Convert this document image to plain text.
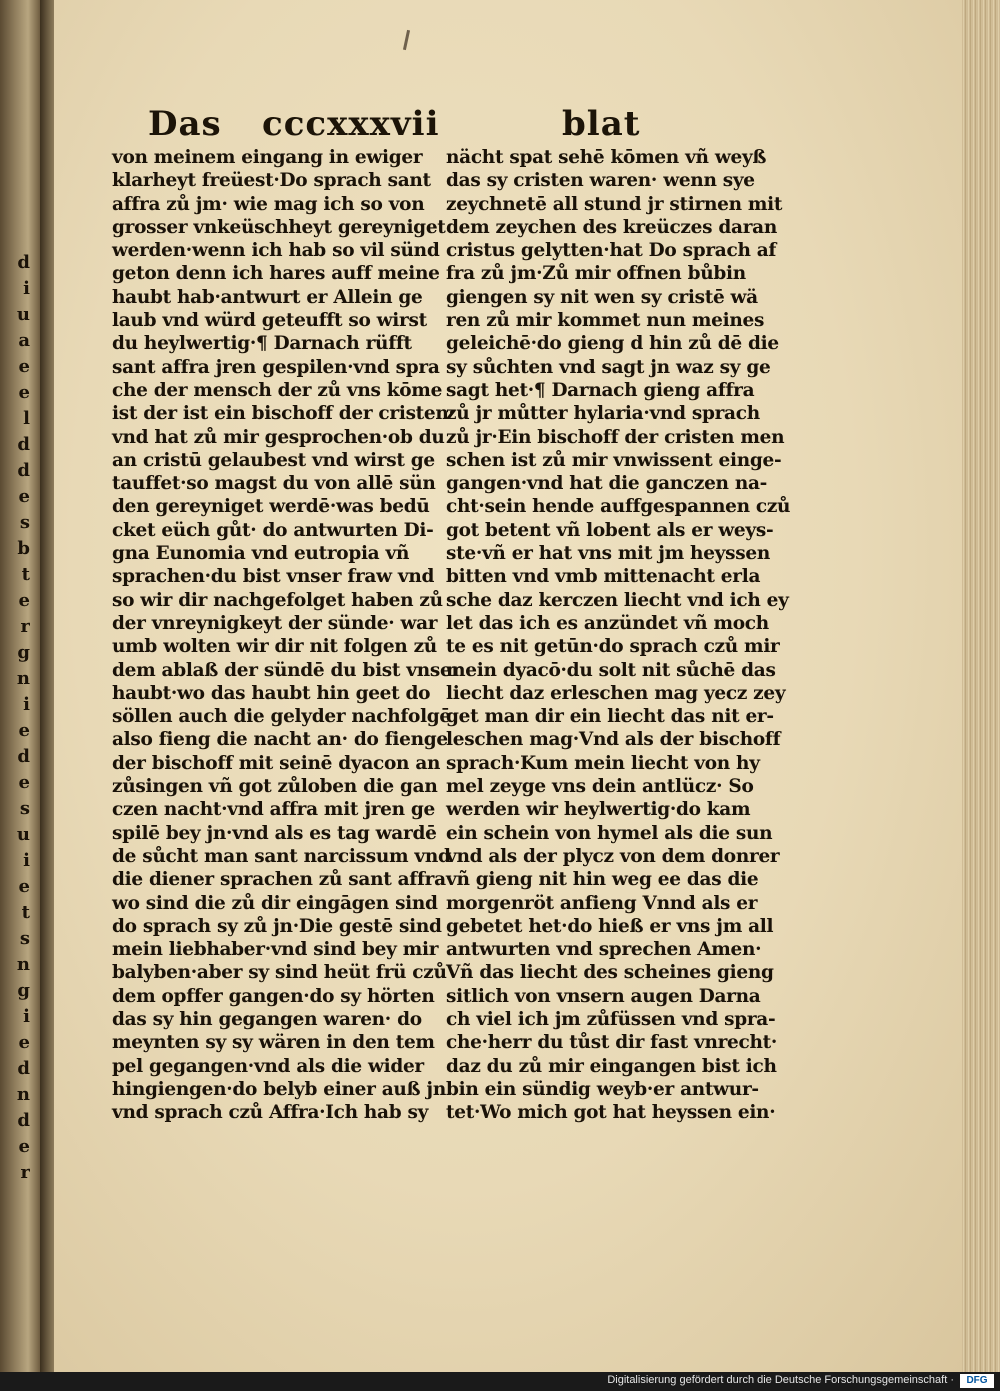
d
i
u
a
e
e
l
d
d
e
s
b
t
e
r
g
n
i
e
d
e
s
u
i
e
t
s
n
g
i
e
d
n
d
e
r
Das cccxxxvii	blat
von meinem eingang in ewiger
klarheyt freüest·Do sprach sant
affra zů jm· wie mag ich so von
grosser vnkeüschheyt gereyniget
werden·wenn ich hab so vil sünd
geton denn ich hares auff meine
haubt hab·antwurt er Allein ge
laub vnd würd geteufft so wirst
du heylwertig·¶ Darnach rüfft
sant affra jren gespilen·vnd spra
che der mensch der zů vns kōme
ist der ist ein bischoff der cristen·
vnd hat zů mir gesprochen·ob du
an cristū gelaubest vnd wirst ge
tauffet·so magst du von allē sün
den gereyniget werdē·was bedū
cket eüch gůt· do antwurten Di-
gna Eunomia vnd eutropia vñ
sprachen·du bist vnser fraw vnd
so wir dir nachgefolget haben zů
der vnreynigkeyt der sünde· war
umb wolten wir dir nit folgen zů
dem ablaß der sündē du bist vnser
haubt·wo das haubt hin geet do
söllen auch die gelyder nachfolgē
also fieng die nacht an· do fienge
der bischoff mit seinē dyacon an
zůsingen vñ got zůloben die gan
czen nacht·vnd affra mit jren ge
spilē bey jn·vnd als es tag wardē
de sůcht man sant narcissum vnd
die diener sprachen zů sant affra·
wo sind die zů dir eingāgen sind
do sprach sy zů jn·Die gestē sind
mein liebhaber·vnd sind bey mir
balyben·aber sy sind heüt frü czů
dem opffer gangen·do sy hörten
das sy hin gegangen waren· do
meynten sy sy wären in den tem
pel gegangen·vnd als die wider
hingiengen·do belyb einer auß jn
vnd sprach czů Affra·Ich hab sy
nächt spat sehē kōmen vñ weyß
das sy cristen waren· wenn sye
zeychnetē all stund jr stirnen mit
dem zeychen des kreüczes daran
cristus gelytten·hat Do sprach af
fra zů jm·Zů mir offnen bůbin
giengen sy nit wen sy cristē wä
ren zů mir kommet nun meines
geleichē·do gieng d hin zů dē die
sy sůchten vnd sagt jn waz sy ge
sagt het·¶ Darnach gieng affra
zů jr můtter hylaria·vnd sprach
zů jr·Ein bischoff der cristen men
schen ist zů mir vnwissent einge-
gangen·vnd hat die ganczen na-
cht·sein hende auffgespannen czů
got betent vñ lobent als er weys-
ste·vñ er hat vns mit jm heyssen
bitten vnd vmb mittenacht erla
sche daz kerczen liecht vnd ich ey
let das ich es anzündet vñ moch
te es nit getūn·do sprach czů mir
mein dyacō·du solt nit sůchē das
liecht daz erleschen mag yecz zey
get man dir ein liecht das nit er-
leschen mag·Vnd als der bischoff
sprach·Kum mein liecht von hy
mel zeyge vns dein antlücz· So
werden wir heylwertig·do kam
ein schein von hymel als die sun
vnd als der plycz von dem donrer
vñ gieng nit hin weg ee das die
morgenröt anfieng Vnnd als er
gebetet het·do hieß er vns jm all
antwurten vnd sprechen Amen·
Vñ das liecht des scheines gieng
sitlich von vnsern augen Darna
ch viel ich jm zůfüssen vnd spra-
che·herr du tůst dir fast vnrecht·
daz du zů mir eingangen bist ich
bin ein sündig weyb·er antwur-
tet·Wo mich got hat heyssen ein·
Digitalisierung gefördert durch die Deutsche Forschungsgemeinschaft ·	DFG
